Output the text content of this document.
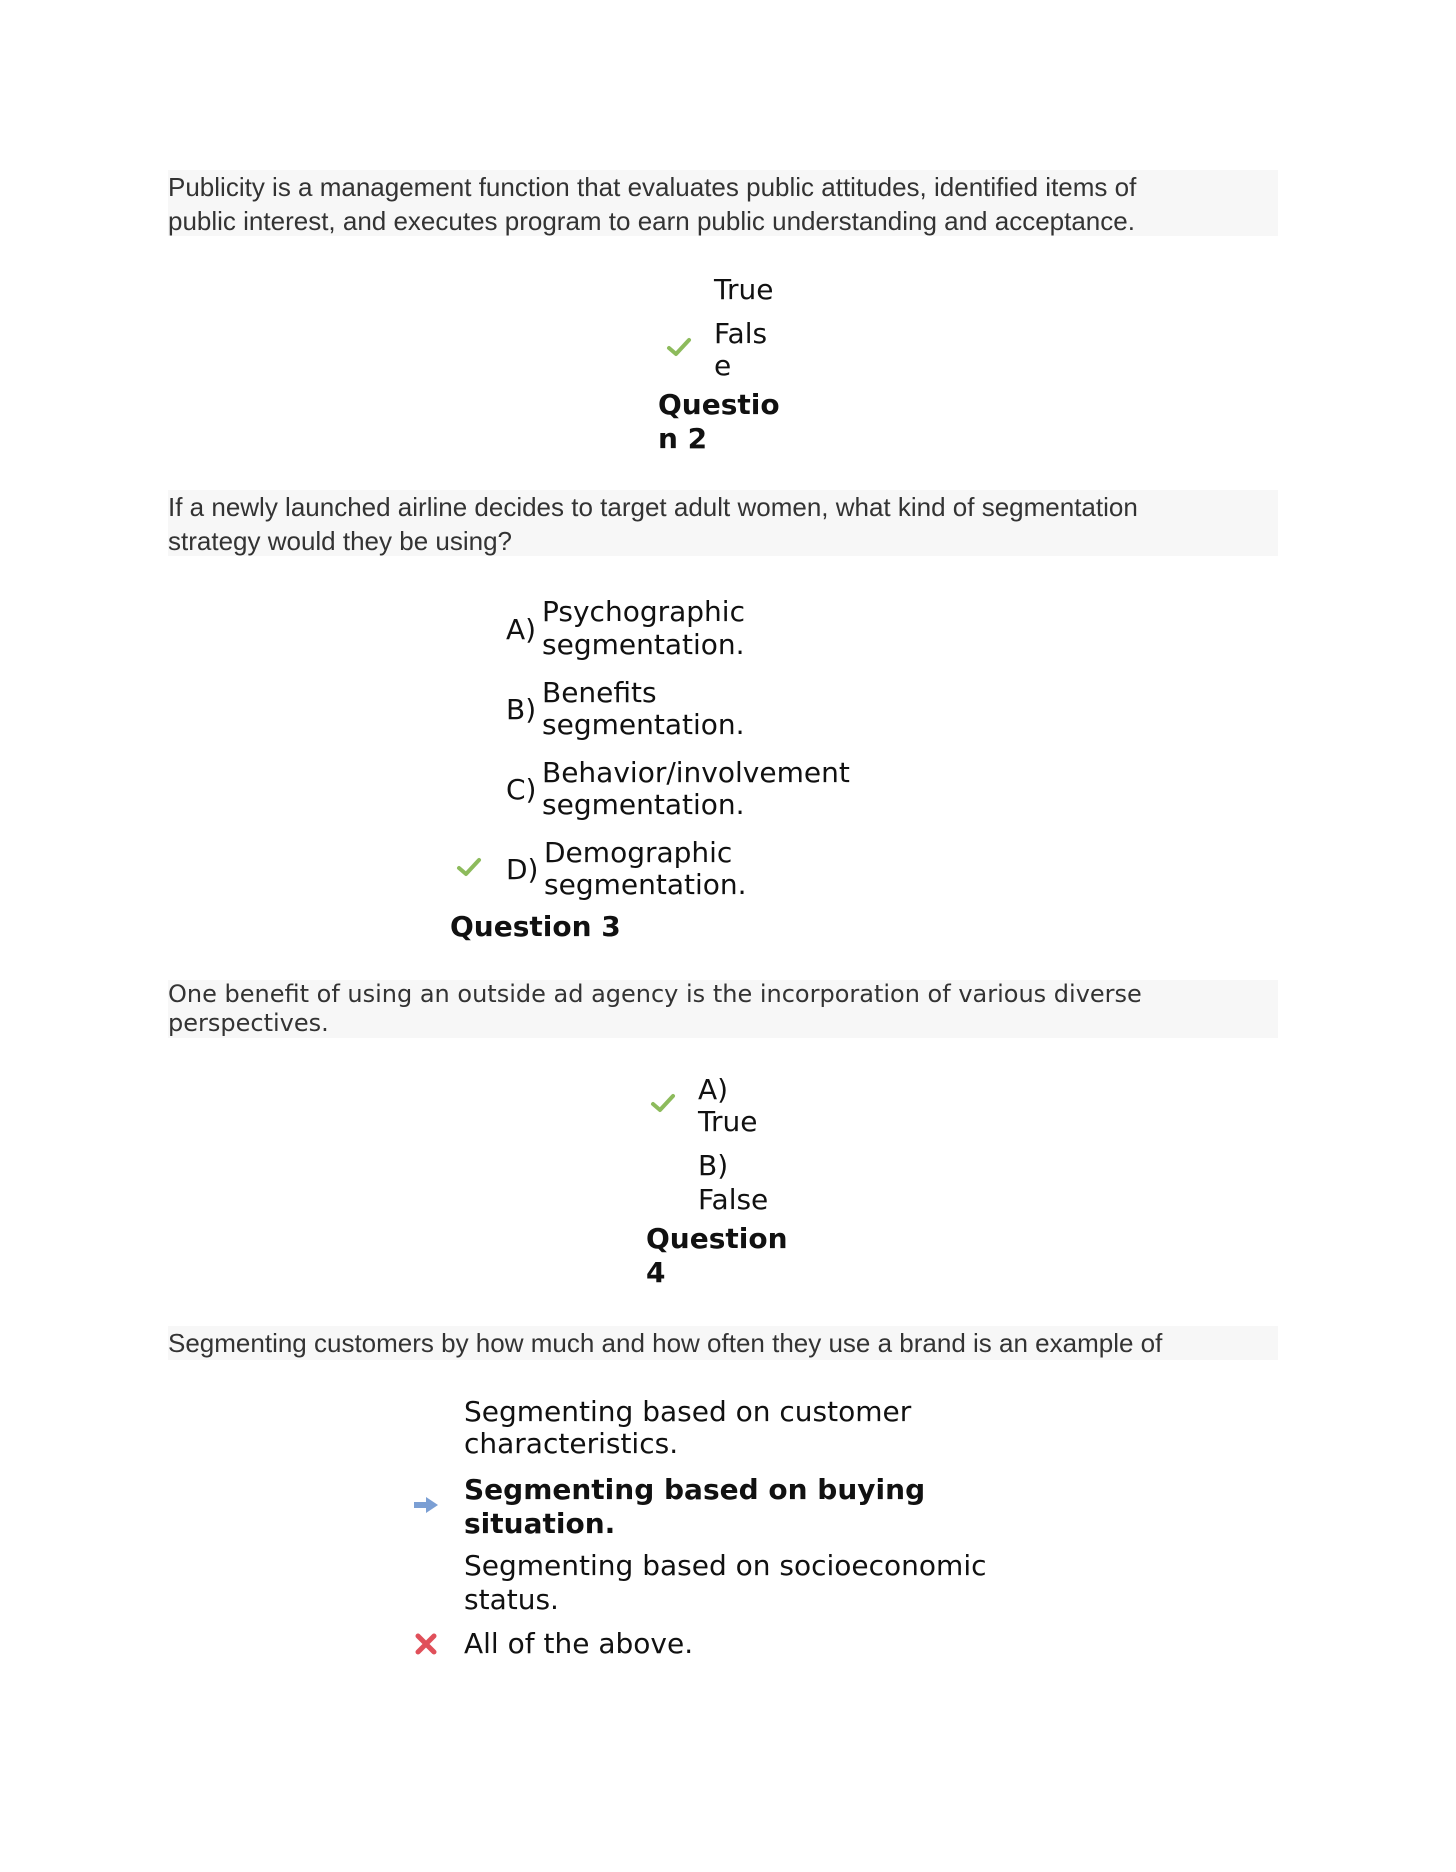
Publicity is a management function that evaluates public attitudes, identified items of
public interest, and executes program to earn public understanding and acceptance.
True
Fals
e
Questio
n 2
If a newly launched airline decides to target adult women, what kind of segmentation
strategy would they be using?
A)
Psychographic
segmentation.
B)
Benefits
segmentation.
C)
Behavior/involvement
segmentation.
D)
Demographic
segmentation.
Question 3
One benefit of using an outside ad agency is the incorporation of various diverse
perspectives.
A)
True
B)
False
Question
4
Segmenting customers by how much and how often they use a brand is an example of
Segmenting based on customer
characteristics.
Segmenting based on buying
situation.
Segmenting based on socioeconomic
status.
All of the above.
